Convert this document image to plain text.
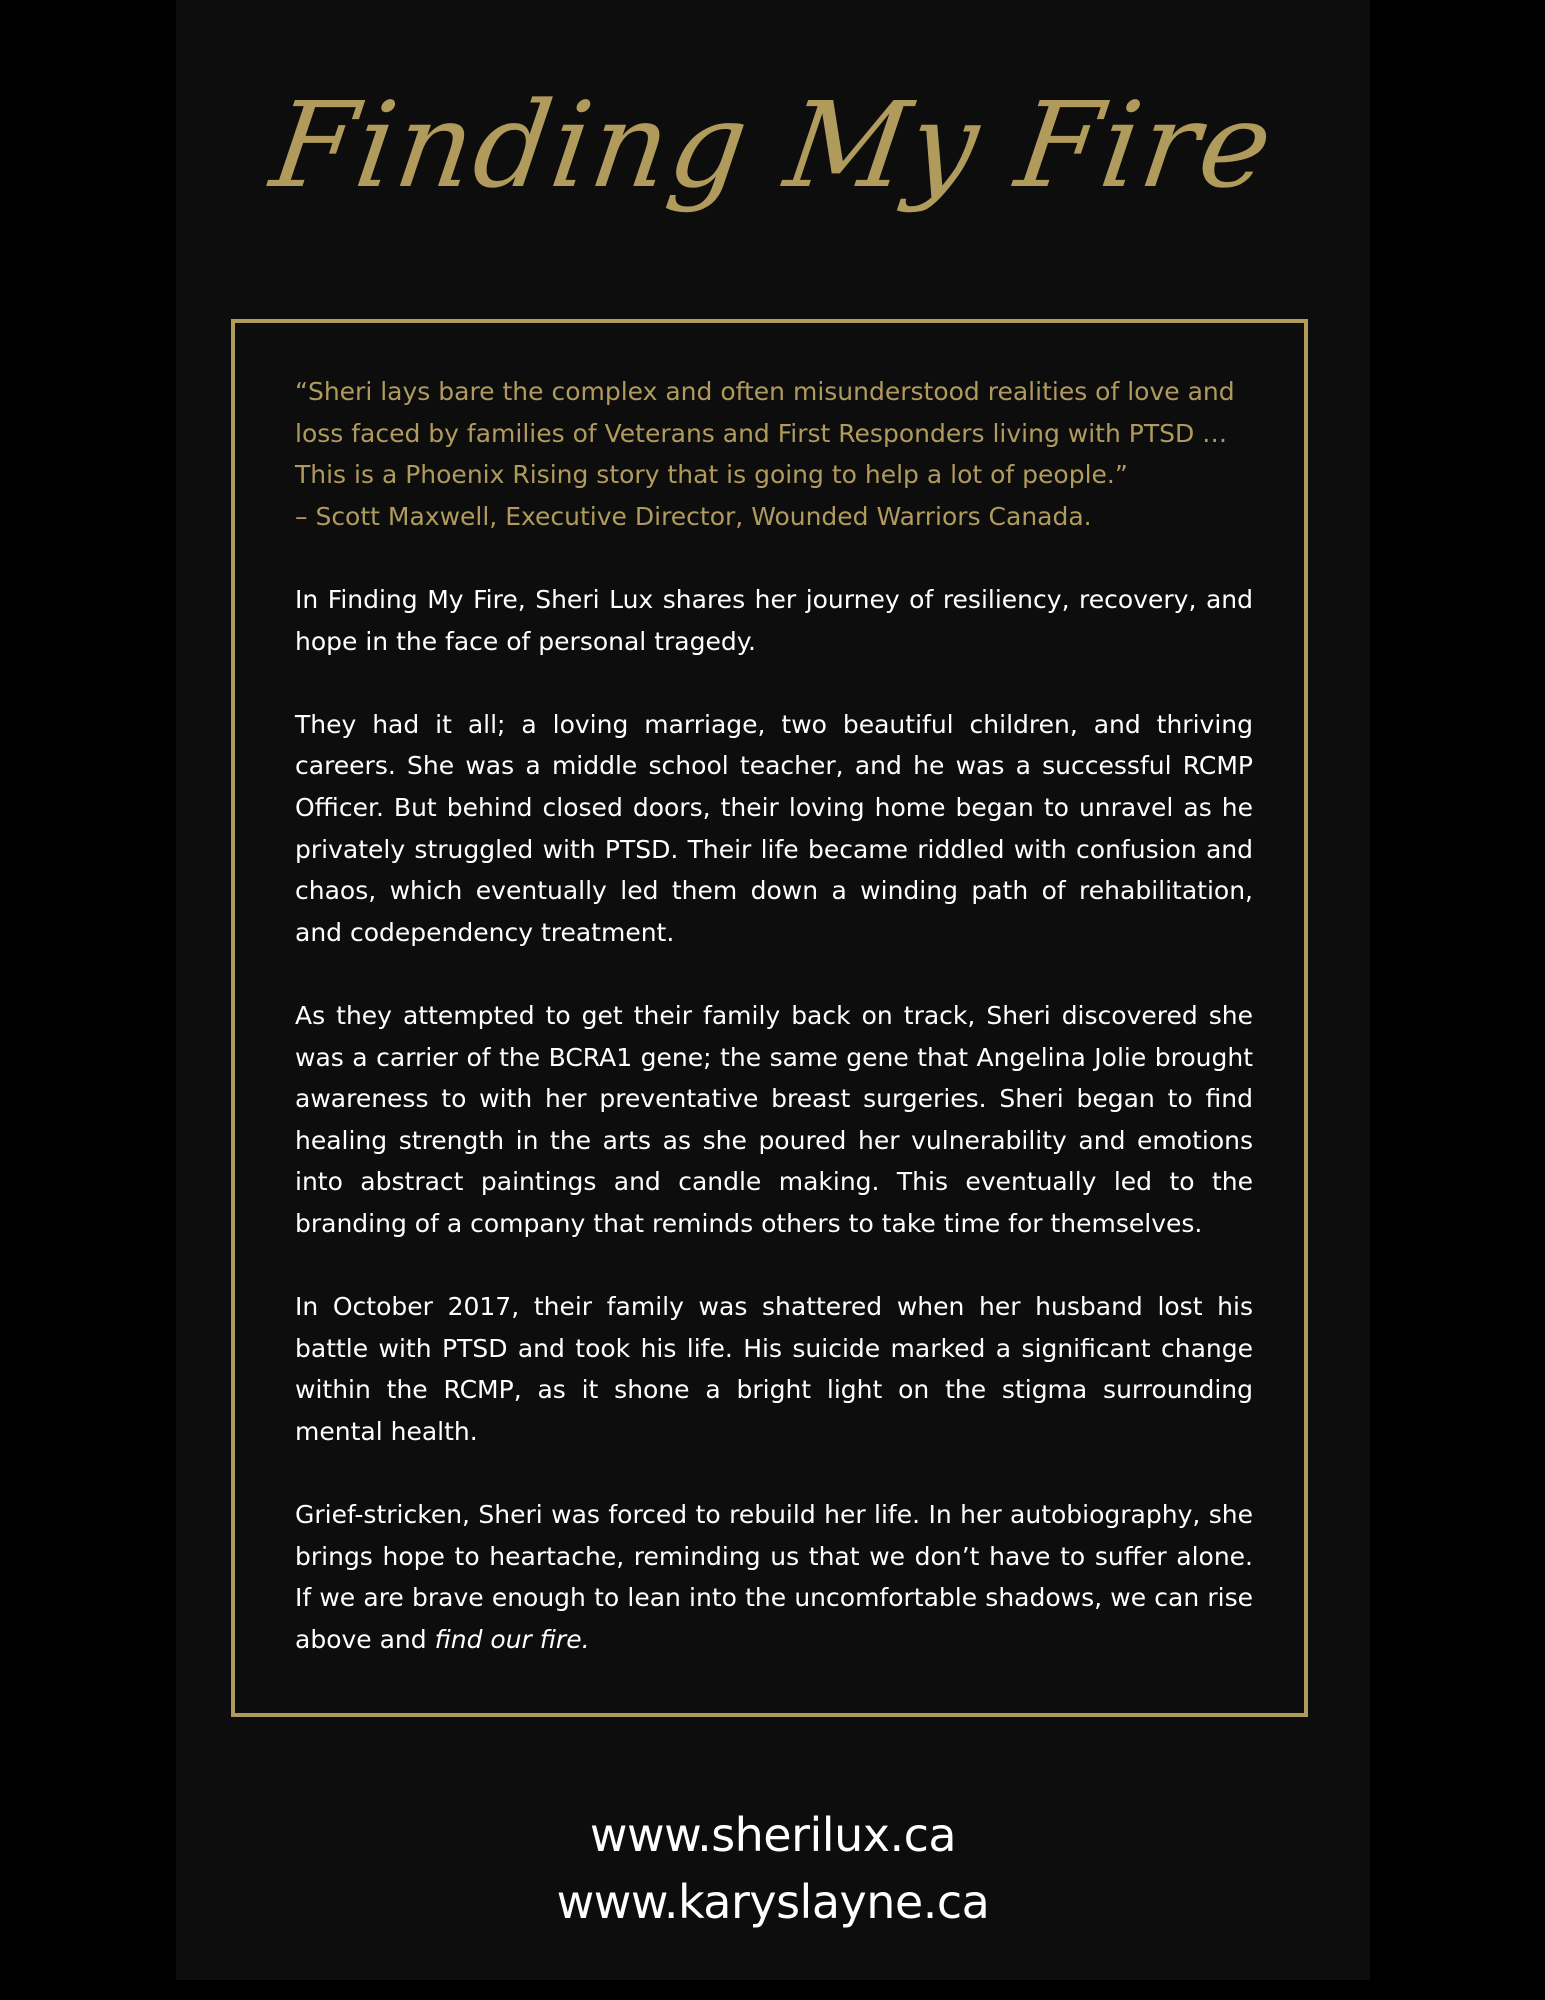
Finding My Fire

“Sheri lays bare the complex and often misunderstood realities of love and
loss faced by families of Veterans and First Responders living with PTSD …
This is a Phoenix Rising story that is going to help a lot of people.”
– Scott Maxwell, Executive Director, Wounded Warriors Canada.

In Finding My Fire, Sheri Lux shares her journey of resiliency, recovery, and hope in the face of personal tragedy.

They had it all; a loving marriage, two beautiful children, and thriving careers. She was a middle school teacher, and he was a successful RCMP Officer. But behind closed doors, their loving home began to unravel as he privately struggled with PTSD. Their life became riddled with confusion and chaos, which eventually led them down a winding path of rehabilitation, and codependency treatment.

As they attempted to get their family back on track, Sheri discovered she was a carrier of the BCRA1 gene; the same gene that Angelina Jolie brought awareness to with her preventative breast surgeries. Sheri began to find healing strength in the arts as she poured her vulnerability and emotions into abstract paintings and candle making. This eventually led to the branding of a company that reminds others to take time for themselves.

In October 2017, their family was shattered when her husband lost his battle with PTSD and took his life. His suicide marked a significant change within the RCMP, as it shone a bright light on the stigma surrounding mental health.

Grief-stricken, Sheri was forced to rebuild her life. In her autobiography, she brings hope to heartache, reminding us that we don’t have to suffer alone. If we are brave enough to lean into the uncomfortable shadows, we can rise above and find our fire.

www.sherilux.ca
www.karyslayne.ca
